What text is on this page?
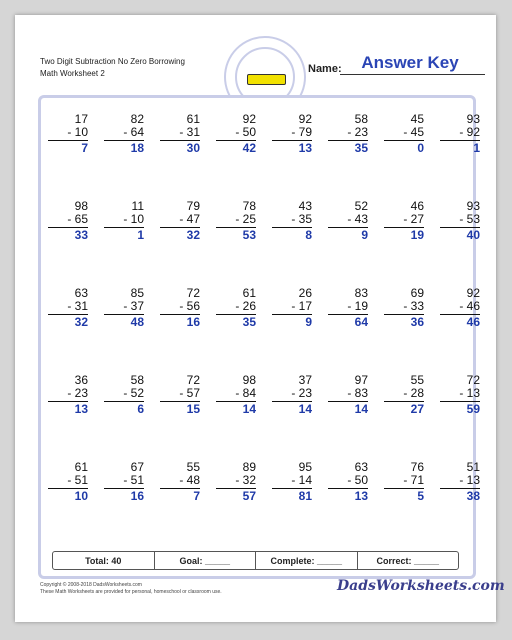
Two Digit Subtraction No Zero Borrowing
Math Worksheet 2	Name:	Answer Key
17
- 10
7
82
- 64
18
61
- 31
30
92
- 50
42
92
- 79
13
58
- 23
35
45
- 45
0
93
- 92
1
98
- 65
33
11
- 10
1
79
- 47
32
78
- 25
53
43
- 35
8
52
- 43
9
46
- 27
19
93
- 53
40
63
- 31
32
85
- 37
48
72
- 56
16
61
- 26
35
26
- 17
9
83
- 19
64
69
- 33
36
92
- 46
46
36
- 23
13
58
- 52
6
72
- 57
15
98
- 84
14
37
- 23
14
97
- 83
14
55
- 28
27
72
- 13
59
61
- 51
10
67
- 51
16
55
- 48
7
89
- 32
57
95
- 14
81
63
- 50
13
76
- 71
5
51
- 13
38
Total: 40	Goal: _____	Complete: _____	Correct: _____
Copyright © 2008-2018 DadsWorksheets.com
These Math Worksheets are provided for personal, homeschool or classroom use.	DadsWorksheets.com
